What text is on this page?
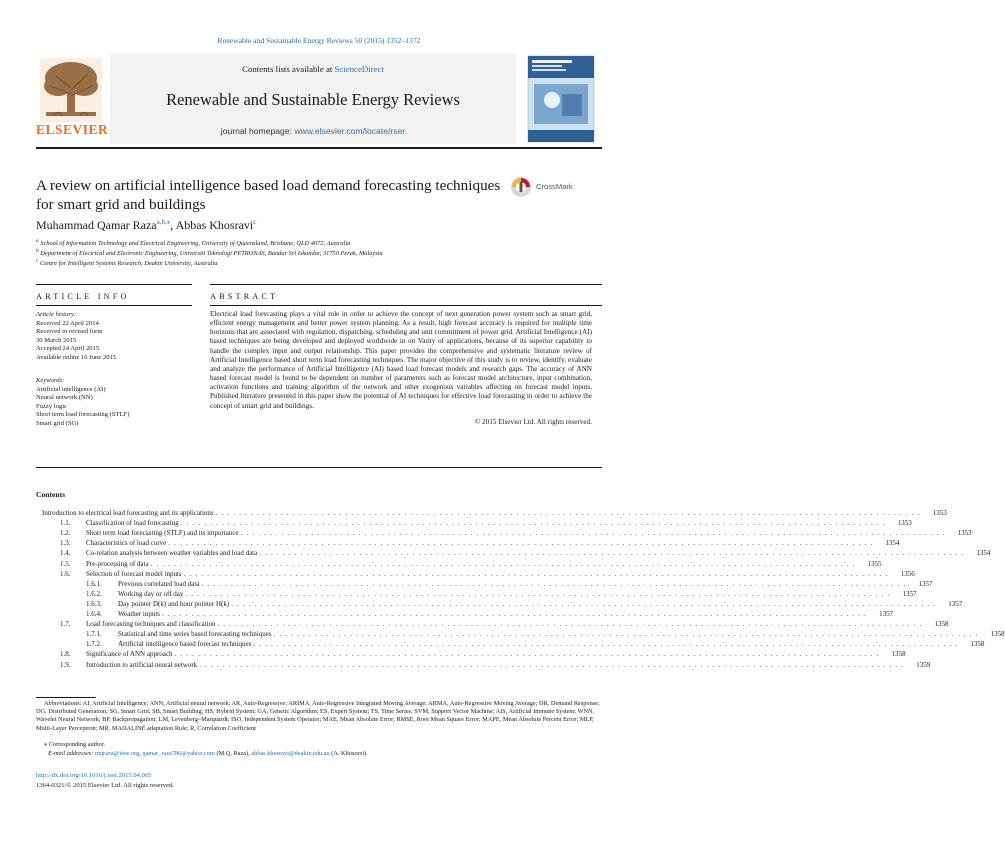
Renewable and Sustainable Energy Reviews 50 (2015) 1352–1372
ELSEVIER
Contents lists available at ScienceDirect
Renewable and Sustainable Energy Reviews
journal homepage: www.elsevier.com/locate/rser
A review on artificial intelligence based load demand forecasting techniques for smart grid and buildings
CrossMark
Muhammad Qamar Raza$^{a,b,⁎}$, Abbas Khosravi$^c$
$^a$ School of Information Technology and Electrical Engineering, University of Queensland, Brisbane, QLD 4072, Australia
$^b$ Department of Electrical and Electronic Engineering, Universiti Teknologi PETRONAS, Bandar Sri Iskandar, 31750 Perak, Malaysia
$^c$ Centre for Intelligent Systems Research, Deakin University, Australia
ARTICLE INFO	ABSTRACT
Article history:
Received 22 April 2014
Received in revised form
30 March 2015
Accepted 24 April 2015
Available online 16 June 2015
Keywords:
Artificial intelligence (AI)
Neural network (NN)
Fuzzy logic
Short term load forecasting (STLF)
Smart grid (SG)
Electrical load forecasting plays a vital role in order to achieve the concept of next generation power system such as smart grid, efficient energy management and better power system planning. As a result, high forecast accuracy is required for multiple time horizons that are associated with regulation, dispatching, scheduling and unit commitment of power grid. Artificial Intelligence (AI) based techniques are being developed and deployed worldwide in on Varity of applications, because of its superior capability to handle the complex input and output relationship. This paper provides the comprehensive and systematic literature review of Artificial Intelligence based short term load forecasting techniques. The major objective of this study is to review, identify, evaluate and analyze the performance of Artificial Intelligence (AI) based load forecast models and research gaps. The accuracy of ANN based forecast model is found to be dependent on number of parameters such as forecast model architecture, input combination, activation functions and training algorithm of the network and other exogenous variables affecting on forecast model inputs. Published literature presented in this paper show the potential of AI techniques for effective load forecasting in order to achieve the concept of smart grid and buildings.
© 2015 Elsevier Ltd. All rights reserved.
Contents
Introduction to electrical load forecasting and its applications . . . . . . . . . . . . . . . . . . . . . . . . . . . . . . . . . . . . . . . . . . . . . . . . . . . . . . . . . . . . . . . . . . . . . . . . . . . . . . . . . . . . . . . . . . . . . . . . . . . . . . . . . . . . . . . . . . . . . . . .	1353
1.1.	Classification of load forecasting . . . . . . . . . . . . . . . . . . . . . . . . . . . . . . . . . . . . . . . . . . . . . . . . . . . . . . . . . . . . . . . . . . . . . . . . . . . . . . . . . . . . . . . . . . . . . . . . . . . . . . . . . . . . . . . . . . . . . . . .	1353
1.2.	Short term load forecasting (STLF) and its importance . . . . . . . . . . . . . . . . . . . . . . . . . . . . . . . . . . . . . . . . . . . . . . . . . . . . . . . . . . . . . . . . . . . . . . . . . . . . . . . . . . . . . . . . . . . . . . . . . . . . . . . . . . . . . . . . . . . . . . . .	1353
1.3.	Characteristics of load curve . . . . . . . . . . . . . . . . . . . . . . . . . . . . . . . . . . . . . . . . . . . . . . . . . . . . . . . . . . . . . . . . . . . . . . . . . . . . . . . . . . . . . . . . . . . . . . . . . . . . . . . . . . . . . . . . . . . . . . . .	1354
1.4.	Co-relation analysis between weather variables and load data . . . . . . . . . . . . . . . . . . . . . . . . . . . . . . . . . . . . . . . . . . . . . . . . . . . . . . . . . . . . . . . . . . . . . . . . . . . . . . . . . . . . . . . . . . . . . . . . . . . . . . . . . . . . . . . . . . . . . . . .	1354
1.5.	Pre-processing of data . . . . . . . . . . . . . . . . . . . . . . . . . . . . . . . . . . . . . . . . . . . . . . . . . . . . . . . . . . . . . . . . . . . . . . . . . . . . . . . . . . . . . . . . . . . . . . . . . . . . . . . . . . . . . . . . . . . . . . . .	1355
1.6.	Selection of forecast model inputs . . . . . . . . . . . . . . . . . . . . . . . . . . . . . . . . . . . . . . . . . . . . . . . . . . . . . . . . . . . . . . . . . . . . . . . . . . . . . . . . . . . . . . . . . . . . . . . . . . . . . . . . . . . . . . . . . . . . . . . .	1356
1.6.1.	Previous correlated load data . . . . . . . . . . . . . . . . . . . . . . . . . . . . . . . . . . . . . . . . . . . . . . . . . . . . . . . . . . . . . . . . . . . . . . . . . . . . . . . . . . . . . . . . . . . . . . . . . . . . . . . . . . . . . . . . . . . . . . . .	1357
1.6.2.	Working day or off day . . . . . . . . . . . . . . . . . . . . . . . . . . . . . . . . . . . . . . . . . . . . . . . . . . . . . . . . . . . . . . . . . . . . . . . . . . . . . . . . . . . . . . . . . . . . . . . . . . . . . . . . . . . . . . . . . . . . . . . .	1357
1.6.3.	Day pointer D(k) and hour pointer H(k) . . . . . . . . . . . . . . . . . . . . . . . . . . . . . . . . . . . . . . . . . . . . . . . . . . . . . . . . . . . . . . . . . . . . . . . . . . . . . . . . . . . . . . . . . . . . . . . . . . . . . . . . . . . . . . . . . . . . . . . .	1357
1.6.4.	Weather inputs . . . . . . . . . . . . . . . . . . . . . . . . . . . . . . . . . . . . . . . . . . . . . . . . . . . . . . . . . . . . . . . . . . . . . . . . . . . . . . . . . . . . . . . . . . . . . . . . . . . . . . . . . . . . . . . . . . . . . . . .	1357
1.7.	Load forecasting techniques and classification . . . . . . . . . . . . . . . . . . . . . . . . . . . . . . . . . . . . . . . . . . . . . . . . . . . . . . . . . . . . . . . . . . . . . . . . . . . . . . . . . . . . . . . . . . . . . . . . . . . . . . . . . . . . . . . . . . . . . . . .	1358
1.7.1.	Statistical and time series based forecasting techniques . . . . . . . . . . . . . . . . . . . . . . . . . . . . . . . . . . . . . . . . . . . . . . . . . . . . . . . . . . . . . . . . . . . . . . . . . . . . . . . . . . . . . . . . . . . . . . . . . . . . . . . . . . . . . . . . . . . . . . . .	1358
1.7.2.	Artificial intelligence based forecast techniques . . . . . . . . . . . . . . . . . . . . . . . . . . . . . . . . . . . . . . . . . . . . . . . . . . . . . . . . . . . . . . . . . . . . . . . . . . . . . . . . . . . . . . . . . . . . . . . . . . . . . . . . . . . . . . . . . . . . . . . .	1358
1.8.	Significance of ANN approach . . . . . . . . . . . . . . . . . . . . . . . . . . . . . . . . . . . . . . . . . . . . . . . . . . . . . . . . . . . . . . . . . . . . . . . . . . . . . . . . . . . . . . . . . . . . . . . . . . . . . . . . . . . . . . . . . . . . . . . .	1358
1.9.	Introduction to artificial neural network . . . . . . . . . . . . . . . . . . . . . . . . . . . . . . . . . . . . . . . . . . . . . . . . . . . . . . . . . . . . . . . . . . . . . . . . . . . . . . . . . . . . . . . . . . . . . . . . . . . . . . . . . . . . . . . . . . . . . . . .	1359
Abbreviations: AI, Artificial Intelligence; ANN, Artificial neural network; AR, Auto-Regressive; ARIMA, Auto-Regressive Integrated Moving Average; ARMA, Auto-Regressive Moving Average; DR, Demand Response; DG, Distributed Generation; SG, Smart Grid; SB, Smart Building; HS, Hybrid System; GA, Genetic Algorithm; ES, Expert System; TS, Time Series; SVM, Support Vector Machine; AIS, Artificial Immune System; WNN, Wavelet Neural Network; BP, Backpropagation; LM, Levenberg–Marquardt; ISO, Independent System Operator; MAE, Mean Absolute Error; RMSE, Root Mean Square Error; MAPE, Mean Absolute Percent Error; MLP, Multi-Layer Perceptron; MR, MADALINE adaptation Rule; R, Correlation Coefficient
⁎ Corresponding author.
E-mail addresses: mqraza@ieee.org, qamar_raza786@yahoo.com (M.Q. Raza), abbas.khosravi@deakin.edu.au (A. Khosravi).
http://dx.doi.org/10.1016/j.rser.2015.04.065
1364-0321/© 2015 Elsevier Ltd. All rights reserved.
